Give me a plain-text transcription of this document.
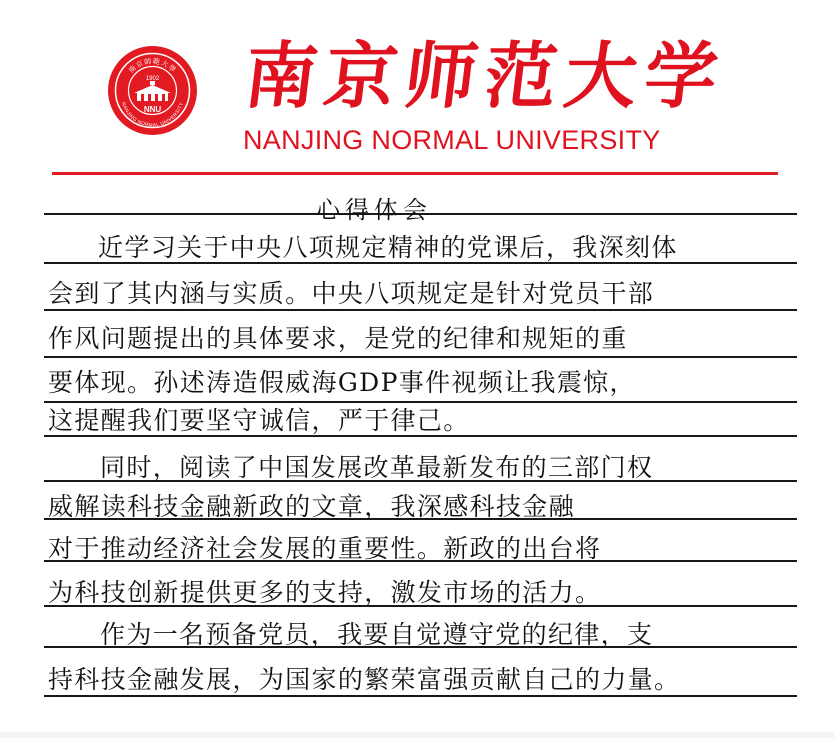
南京師範大學
NANJING NORMAL UNIVERSITY
1902
NNU 南京师范大学
NANJING NORMAL UNIVERSITY
心得体会
近学习关于中央八项规定精神的党课后，我深刻体
会到了其内涵与实质。中央八项规定是针对党员干部
作风问题提出的具体要求，是党的纪律和规矩的重
要体现。孙述涛造假威海GDP事件视频让我震惊，
这提醒我们要坚守诚信，严于律己。
同时，阅读了中国发展改革最新发布的三部门权
威解读科技金融新政的文章，我深感科技金融
对于推动经济社会发展的重要性。新政的出台将
为科技创新提供更多的支持，激发市场的活力。
作为一名预备党员，我要自觉遵守党的纪律，支
持科技金融发展，为国家的繁荣富强贡献自己的力量。
